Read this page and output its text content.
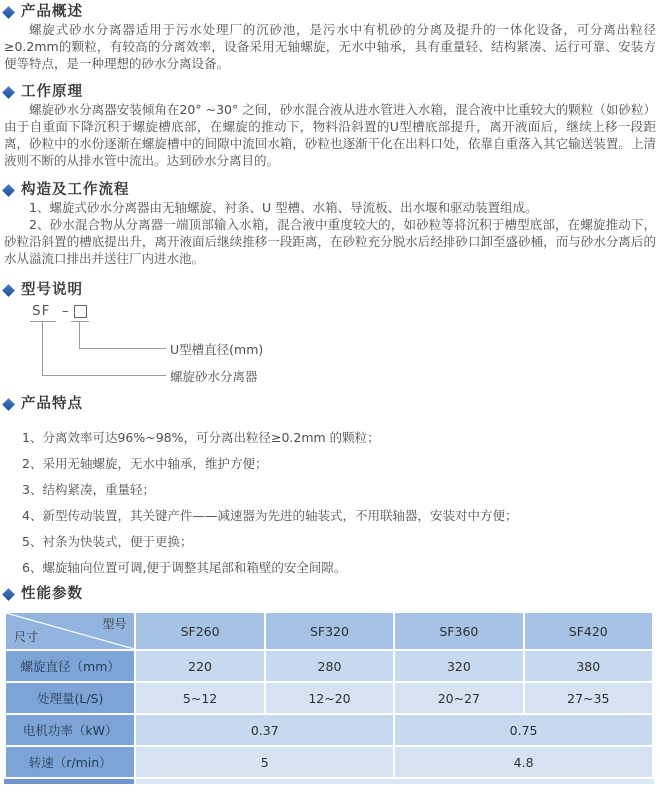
产品概述

螺旋式砂水分离器适用于污水处理厂的沉砂池，是污水中有机砂的分离及提升的一体化设备，可分离出粒径≥0.2mm的颗粒，有较高的分离效率，设备采用无轴螺旋，无水中轴承，具有重量轻、结构紧凑、运行可靠、安装方便等特点，是一种理想的砂水分离设备。

工作原理

螺旋砂水分离器安装倾角在20° ~30° 之间，砂水混合液从进水管进入水箱，混合液中比重较大的颗粒（如砂粒）由于自重面下降沉积于螺旋槽底部，在螺旋的推动下，物料沿斜置的U型槽底部提升，离开液面后，继续上移一段距离，砂粒中的水份逐渐在螺旋槽中的间隙中流回水箱，砂粒也逐渐干化在出料口处，依靠自重落入其它输送装置。上清液则不断的从排水管中流出。达到砂水分离目的。

构造及工作流程

1、螺旋式砂水分离器由无轴螺旋、衬条、U 型槽、水箱、导流板、出水堰和驱动装置组成。

2、砂水混合物从分离器一端顶部输入水箱，混合液中重度较大的，如砂粒等将沉积于槽型底部，在螺旋推动下，砂粒沿斜置的槽底提出升，离开液面后继续推移一段距离，在砂粒充分脱水后经排砂口卸至盛砂桶，而与砂水分离后的水从溢流口排出并送往厂内进水池。

型号说明
SF –
U型槽直径(mm)
螺旋砂水分离器
产品特点
1、分离效率可达96%~98%，可分离出粒径≥0.2mm 的颗粒；
2、采用无轴螺旋，无水中轴承，维护方便；
3、结构紧凑，重量轻；
4、新型传动装置，其关键产件——减速器为先进的轴装式，不用联轴器，安装对中方便；
5、衬条为快装式，便于更换；
6、螺旋轴向位置可调,便于调整其尾部和箱壁的安全间隙。
性能参数
型号
尺寸	SF260	SF320	SF360	SF420
螺旋直径（mm）	220	280	320	380
处理量(L/S)	5~12	12~20	20~27	27~35
电机功率（kW）	0.37		0.75	
转速（r/min）	5		4.8	
